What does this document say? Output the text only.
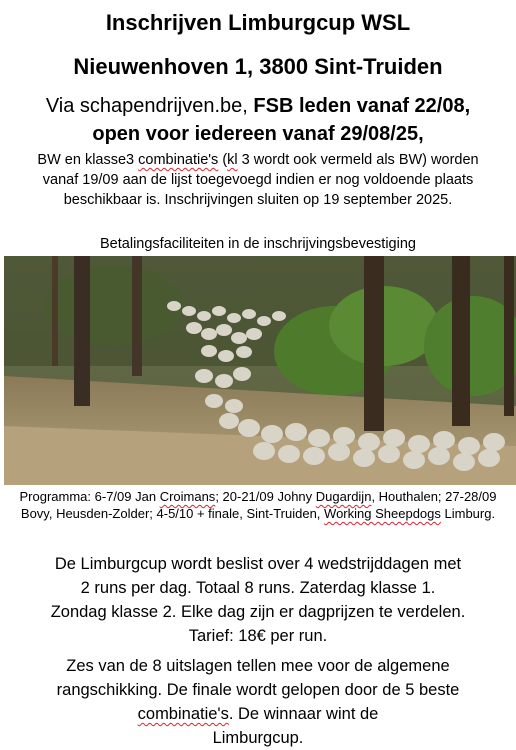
Inschrijven Limburgcup WSL
Nieuwenhoven 1, 3800 Sint-Truiden
Via schapendrijven.be, FSB leden vanaf 22/08,
open voor iedereen vanaf 29/08/25,
BW en klasse3 combinatie's (kl 3 wordt ook vermeld als BW) worden
vanaf 19/09 aan de lijst toegevoegd indien er nog voldoende plaats
beschikbaar is. Inschrijvingen sluiten op 19 september 2025.
Betalingsfaciliteiten in de inschrijvingsbevestiging
Programma: 6-7/09 Jan Croimans; 20-21/09 Johny Dugardijn, Houthalen; 27-28/09 Bovy, Heusden-Zolder; 4-5/10 + finale, Sint-Truiden, Working Sheepdogs Limburg.
De Limburgcup wordt beslist over 4 wedstrijddagen met
2 runs per dag. Totaal 8 runs. Zaterdag klasse 1.
Zondag klasse 2. Elke dag zijn er dagprijzen te verdelen.
Tarief: 18€ per run.
Zes van de 8 uitslagen tellen mee voor de algemene
rangschikking. De finale wordt gelopen door de 5 beste
combinatie's. De winnaar wint de
Limburgcup.
